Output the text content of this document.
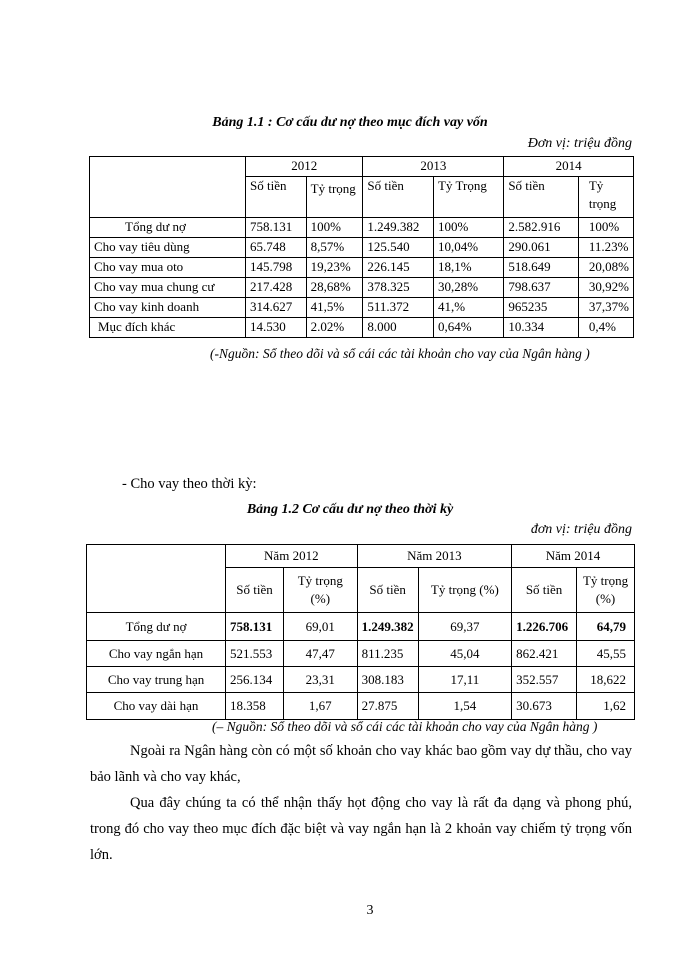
Bảng 1.1 : Cơ cấu dư nợ theo mục đích vay vốn
Đơn vị: triệu đồng
	2012		2013		2014	
	Số tiền	Tỷ trọng	Số tiền	Tỷ Trọng	Số tiền	Tỷ trọng
Tổng dư nợ	758.131	100%	1.249.382	100%	2.582.916	100%
Cho vay tiêu dùng	65.748	8,57%	125.540	10,04%	290.061	11.23%
Cho vay mua oto	145.798	19,23%	226.145	18,1%	518.649	20,08%
Cho vay mua chung cư	217.428	28,68%	378.325	30,28%	798.637	30,92%
Cho vay kinh doanh	314.627	41,5%	511.372	41,%	965235	37,37%
Mục đích khác	14.530	2.02%	8.000	0,64%	10.334	0,4%
(-Nguồn: Sổ theo dõi và sổ cái các tài khoản cho vay của Ngân hàng )
- Cho vay theo thời kỳ:
Bảng 1.2 Cơ cấu dư nợ theo thời kỳ
đơn vị: triệu đồng
	Năm 2012		Năm 2013		Năm 2014	
	Số tiền	Tỷ trọng (%)	Số tiền	Tỷ trọng (%)	Số tiền	Tỷ trọng (%)
Tổng dư nợ	758.131	69,01	1.249.382	69,37	1.226.706	64,79
Cho vay ngắn hạn	521.553	47,47	811.235	45,04	862.421	45,55
Cho vay trung hạn	256.134	23,31	308.183	17,11	352.557	18,622
Cho vay dài hạn	18.358	1,67	27.875	1,54	30.673	1,62
(– Nguồn: Sổ theo dõi và sổ cái các tài khoản cho vay của Ngân hàng )
Ngoài ra Ngân hàng còn có một số khoản cho vay khác bao gồm vay dự thầu, cho vay bảo lãnh và cho vay khác,
Qua đây chúng ta có thể nhận thấy họt động cho vay là rất đa dạng và phong phú, trong đó cho vay theo mục đích đặc biệt và vay ngắn hạn là 2 khoản vay chiếm tỷ trọng vốn lớn.
3
